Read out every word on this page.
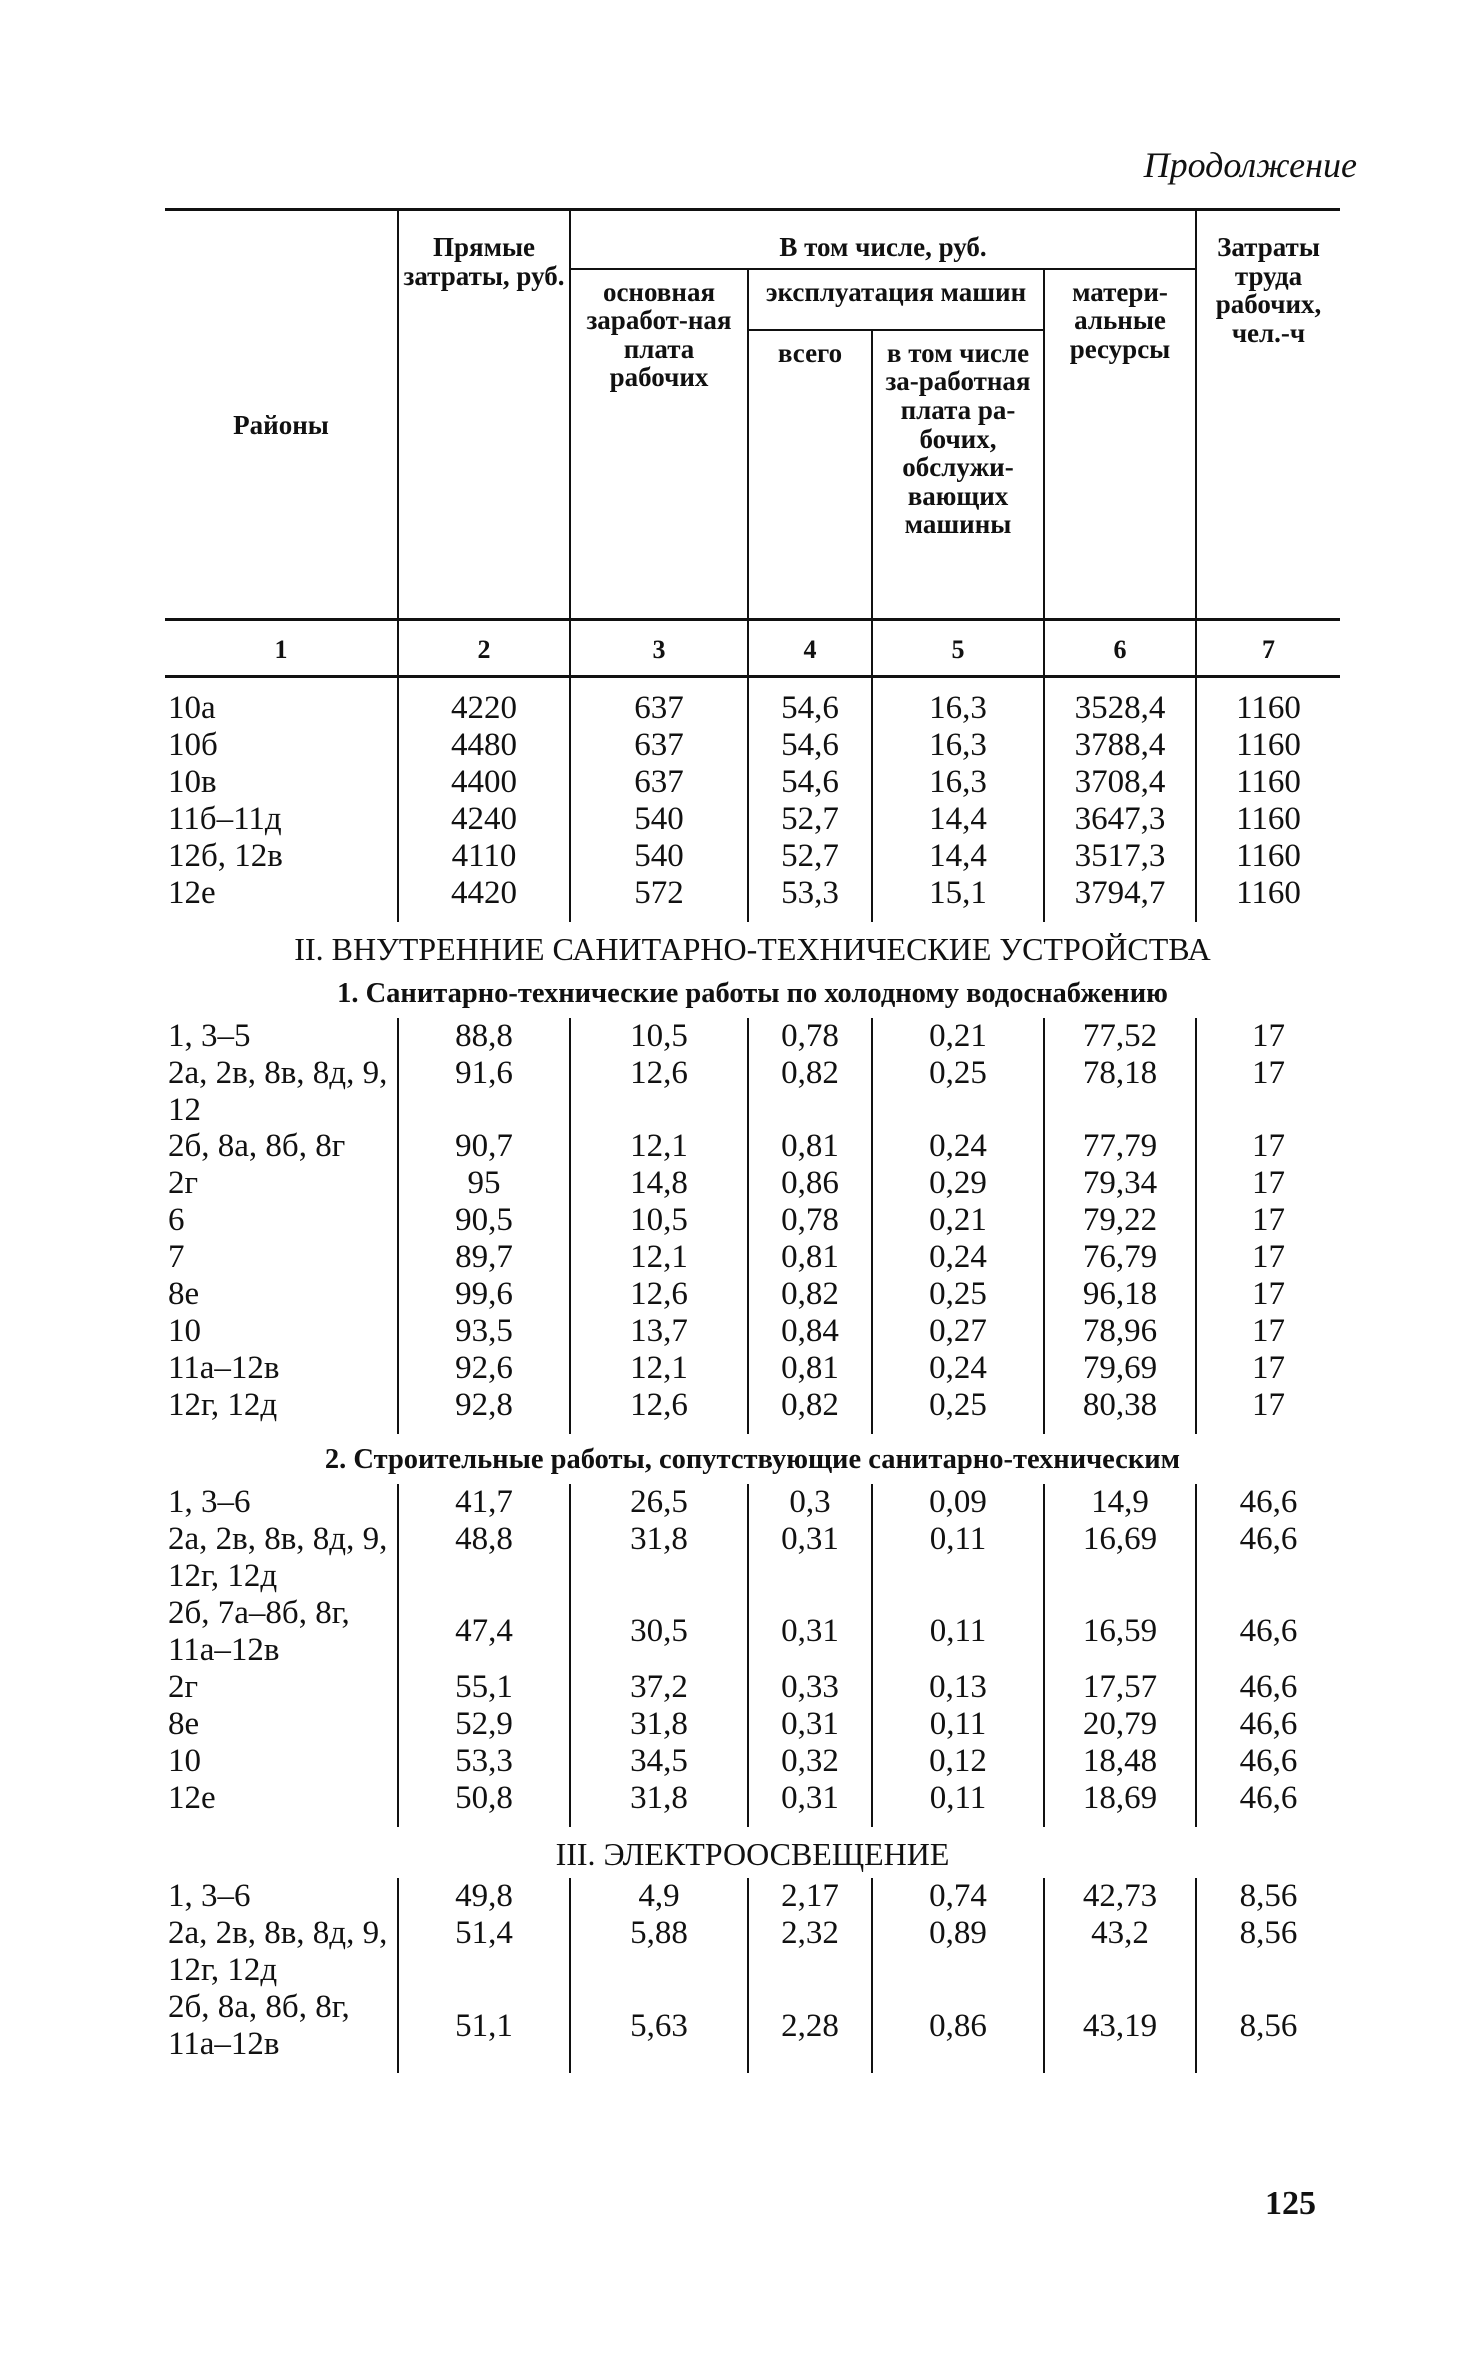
Продолжение
Районы	Прямые затраты, руб.	В том числе, руб.				Затраты труда рабочих, чел.-ч
		основная заработ-ная плата рабочих	эксплуатация машин		матери-альные ресурсы	
			всего	в том числе за-работная плата ра-бочих, обслужи-вающих машины		
1	2	3	4	5	6	7
10а	4220	637	54,6	16,3	3528,4	1160
10б	4480	637	54,6	16,3	3788,4	1160
10в	4400	637	54,6	16,3	3708,4	1160
11б–11д	4240	540	52,7	14,4	3647,3	1160
12б, 12в	4110	540	52,7	14,4	3517,3	1160
12е	4420	572	53,3	15,1	3794,7	1160

II. ВНУТРЕННИЕ САНИТАРНО-ТЕХНИЧЕСКИЕ УСТРОЙСТВА						
1. Санитарно-технические работы по холодному водоснабжению						
1, 3–5	88,8	10,5	0,78	0,21	77,52	17
2а, 2в, 8в, 8д, 9, 12	91,6	12,6	0,82	0,25	78,18	17
2б, 8а, 8б, 8г	90,7	12,1	0,81	0,24	77,79	17
2г	95	14,8	0,86	0,29	79,34	17
6	90,5	10,5	0,78	0,21	79,22	17
7	89,7	12,1	0,81	0,24	76,79	17
8е	99,6	12,6	0,82	0,25	96,18	17
10	93,5	13,7	0,84	0,27	78,96	17
11а–12в	92,6	12,1	0,81	0,24	79,69	17
12г, 12д	92,8	12,6	0,82	0,25	80,38	17

2. Строительные работы, сопутствующие санитарно-техническим						
1, 3–6	41,7	26,5	0,3	0,09	14,9	46,6
2а, 2в, 8в, 8д, 9, 12г, 12д	48,8	31,8	0,31	0,11	16,69	46,6
2б, 7а–8б, 8г, 11а–12в	47,4	30,5	0,31	0,11	16,59	46,6
2г	55,1	37,2	0,33	0,13	17,57	46,6
8е	52,9	31,8	0,31	0,11	20,79	46,6
10	53,3	34,5	0,32	0,12	18,48	46,6
12е	50,8	31,8	0,31	0,11	18,69	46,6

III. ЭЛЕКТРООСВЕЩЕНИЕ						
1, 3–6	49,8	4,9	2,17	0,74	42,73	8,56
2а, 2в, 8в, 8д, 9, 12г, 12д	51,4	5,88	2,32	0,89	43,2	8,56
2б, 8а, 8б, 8г, 11а–12в	51,1	5,63	2,28	0,86	43,19	8,56

125
